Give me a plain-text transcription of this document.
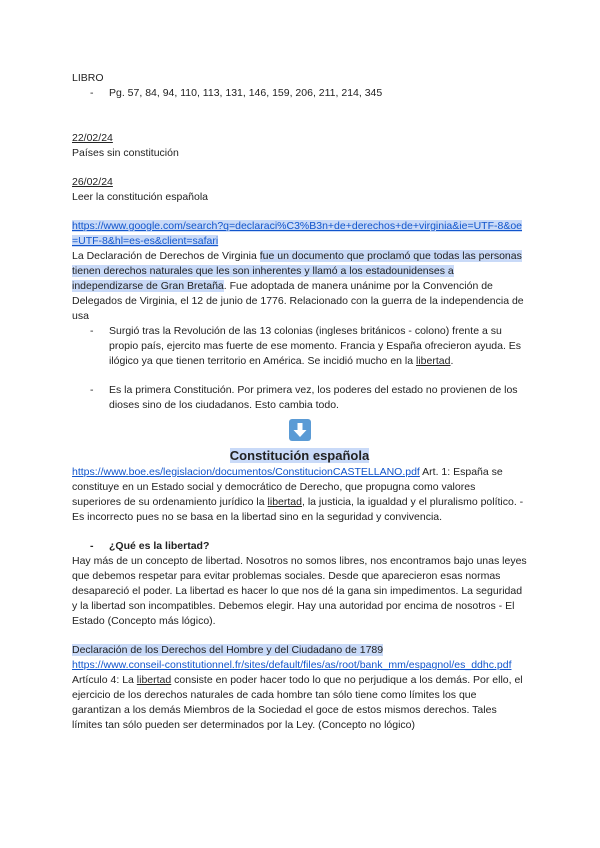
LIBRO

- Pg. 57, 84, 94, 110, 113, 131, 146, 159, 206, 211, 214, 345

22/02/24

Países sin constitución

26/02/24

Leer la constitución española

https://www.google.com/search?q=declaraci%C3%B3n+de+derechos+de+virginia&ie=UTF-8&oe=UTF-8&hl=es-es&client=safari

La Declaración de Derechos de Virginia fue un documento que proclamó que todas las personas tienen derechos naturales que les son inherentes y llamó a los estadounidenses a independizarse de Gran Bretaña. Fue adoptada de manera unánime por la Convención de Delegados de Virginia, el 12 de junio de 1776. Relacionado con la guerra de la independencia de usa

- Surgió tras la Revolución de las 13 colonias (ingleses británicos - colono) frente a su propio país, ejercito mas fuerte de ese momento. Francia y España ofrecieron ayuda. Es ilógico ya que tienen territorio en América. Se incidió mucho en la libertad.

- Es la primera Constitución. Por primera vez, los poderes del estado no provienen de los dioses sino de los ciudadanos. Esto cambia todo.

Constitución española

https://www.boe.es/legislacion/documentos/ConstitucionCASTELLANO.pdf Art. 1: España se constituye en un Estado social y democrático de Derecho, que propugna como valores superiores de su ordenamiento jurídico la libertad, la justicia, la igualdad y el pluralismo político. - Es incorrecto pues no se basa en la libertad sino en la seguridad y convivencia.

- ¿Qué es la libertad?

Hay más de un concepto de libertad. Nosotros no somos libres, nos encontramos bajo unas leyes que debemos respetar para evitar problemas sociales. Desde que aparecieron esas normas desapareció el poder. La libertad es hacer lo que nos dé la gana sin impedimentos. La seguridad y la libertad son incompatibles. Debemos elegir. Hay una autoridad por encima de nosotros - El Estado (Concepto más lógico).

Declaración de los Derechos del Hombre y del Ciudadano de 1789

https://www.conseil-constitutionnel.fr/sites/default/files/as/root/bank_mm/espagnol/es_ddhc.pdf Artículo 4: La libertad consiste en poder hacer todo lo que no perjudique a los demás. Por ello, el ejercicio de los derechos naturales de cada hombre tan sólo tiene como límites los que garantizan a los demás Miembros de la Sociedad el goce de estos mismos derechos. Tales límites tan sólo pueden ser determinados por la Ley. (Concepto no lógico)
